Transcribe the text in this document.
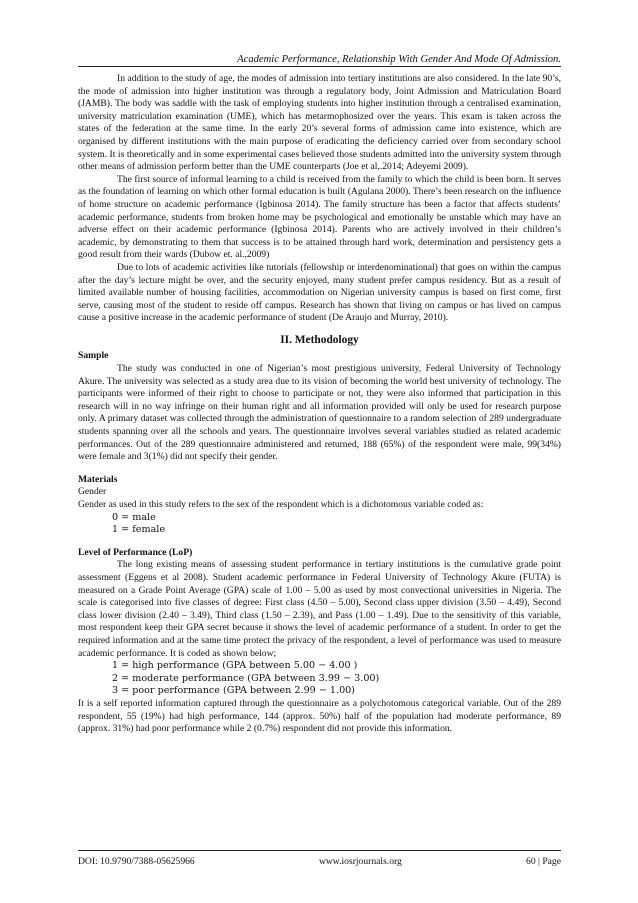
Academic Performance, Relationship With Gender And Mode Of Admission.

In addition to the study of age, the modes of admission into tertiary institutions are also considered. In the late 90’s, the mode of admission into higher institution was through a regulatory body, Joint Admission and Matriculation Board (JAMB). The body was saddle with the task of employing students into higher institution through a centralised examination, university matriculation examination (UME), which has metarmophosized over the years. This exam is taken across the states of the federation at the same time. In the early 20’s several forms of admission came into existence, which are organised by different institutions with the main purpose of eradicating the deficiency carried over from secondary school system. It is theoretically and in some experimental cases believed those students admitted into the university system through other means of admission perform better than the UME counterparts (Joe et al,.2014; Adeyemi 2009).

The first source of informal learning to a child is received from the family to which the child is been born. It serves as the foundation of learning on which other formal education is built (Agulana 2000). There’s been research on the influence of home structure on academic performance (Igbinosa 2014). The family structure has been a factor that affects students’ academic performance, students from broken home may be psychological and emotionally be unstable which may have an adverse effect on their academic performance (Igbinosa 2014). Parents who are actively involved in their children’s academic, by demonstrating to them that success is to be attained through hard work, determination and persistency gets a good result from their wards (Dubow et. al.,2009)

Due to lots of academic activities like tutorials (fellowship or interdenominational) that goes on within the campus after the day’s lecture might be over, and the security enjoyed, many student prefer campus residency. But as a result of limited available number of housing facilities, accommodation on Nigerian university campus is based on first come, first serve, causing most of the student to reside off campus. Research has shown that living on campus or has lived on campus cause a positive increase in the academic performance of student (De Araujo and Murray, 2010).

II. Methodology

Sample

The study was conducted in one of Nigerian’s most prestigious university, Federal University of Technology Akure. The university was selected as a study area due to its vision of becoming the world best university of technology. The participants were informed of their right to choose to participate or not, they were also informed that participation in this research will in no way infringe on their human right and all information provided will only be used for research purpose only. A primary dataset was collected through the administration of questionnaire to a random selection of 289 undergraduate students spanning over all the schools and years. The questionnaire involves several variables studied as related academic performances. Out of the 289 questionnaire administered and returned, 188 (65%) of the respondent were male, 99(34%) were female and 3(1%) did not specify their gender.

Materials

Gender

Gender as used in this study refers to the sex of the respondent which is a dichotomous variable coded as:

0 = male

1 = female

Level of Performance (LoP)

The long existing means of assessing student performance in tertiary institutions is the cumulative grade point assessment (Eggens et al 2008). Student academic performance in Federal University of Technology Akure (FUTA) is measured on a Grade Point Average (GPA) scale of 1.00 – 5.00 as used by most convectional universities in Nigeria. The scale is categorised into five classes of degree: First class (4.50 – 5.00), Second class upper division (3.50 – 4.49), Second class lower division (2.40 – 3.49), Third class (1.50 – 2.39), and Pass (1.00 – 1.49). Due to the sensitivity of this variable, most respondent keep their GPA secret because it shows the level of academic performance of a student. In order to get the required information and at the same time protect the privacy of the respondent, a level of performance was used to measure academic performance. It is coded as shown below;

1 = high performance (GPA between 5.00 − 4.00 )

2 = moderate performance (GPA between 3.99 − 3.00)

3 = poor performance (GPA between 2.99 − 1.00)

It is a self reported information captured through the questionnaire as a polychotomous categorical variable. Out of the 289 respondent, 55 (19%) had high performance, 144 (approx. 50%) half of the population had moderate performance, 89 (approx. 31%) had poor performance while 2 (0.7%) respondent did not provide this information.

DOI: 10.9790/7388-05625966	www.iosrjournals.org	60 | Page
